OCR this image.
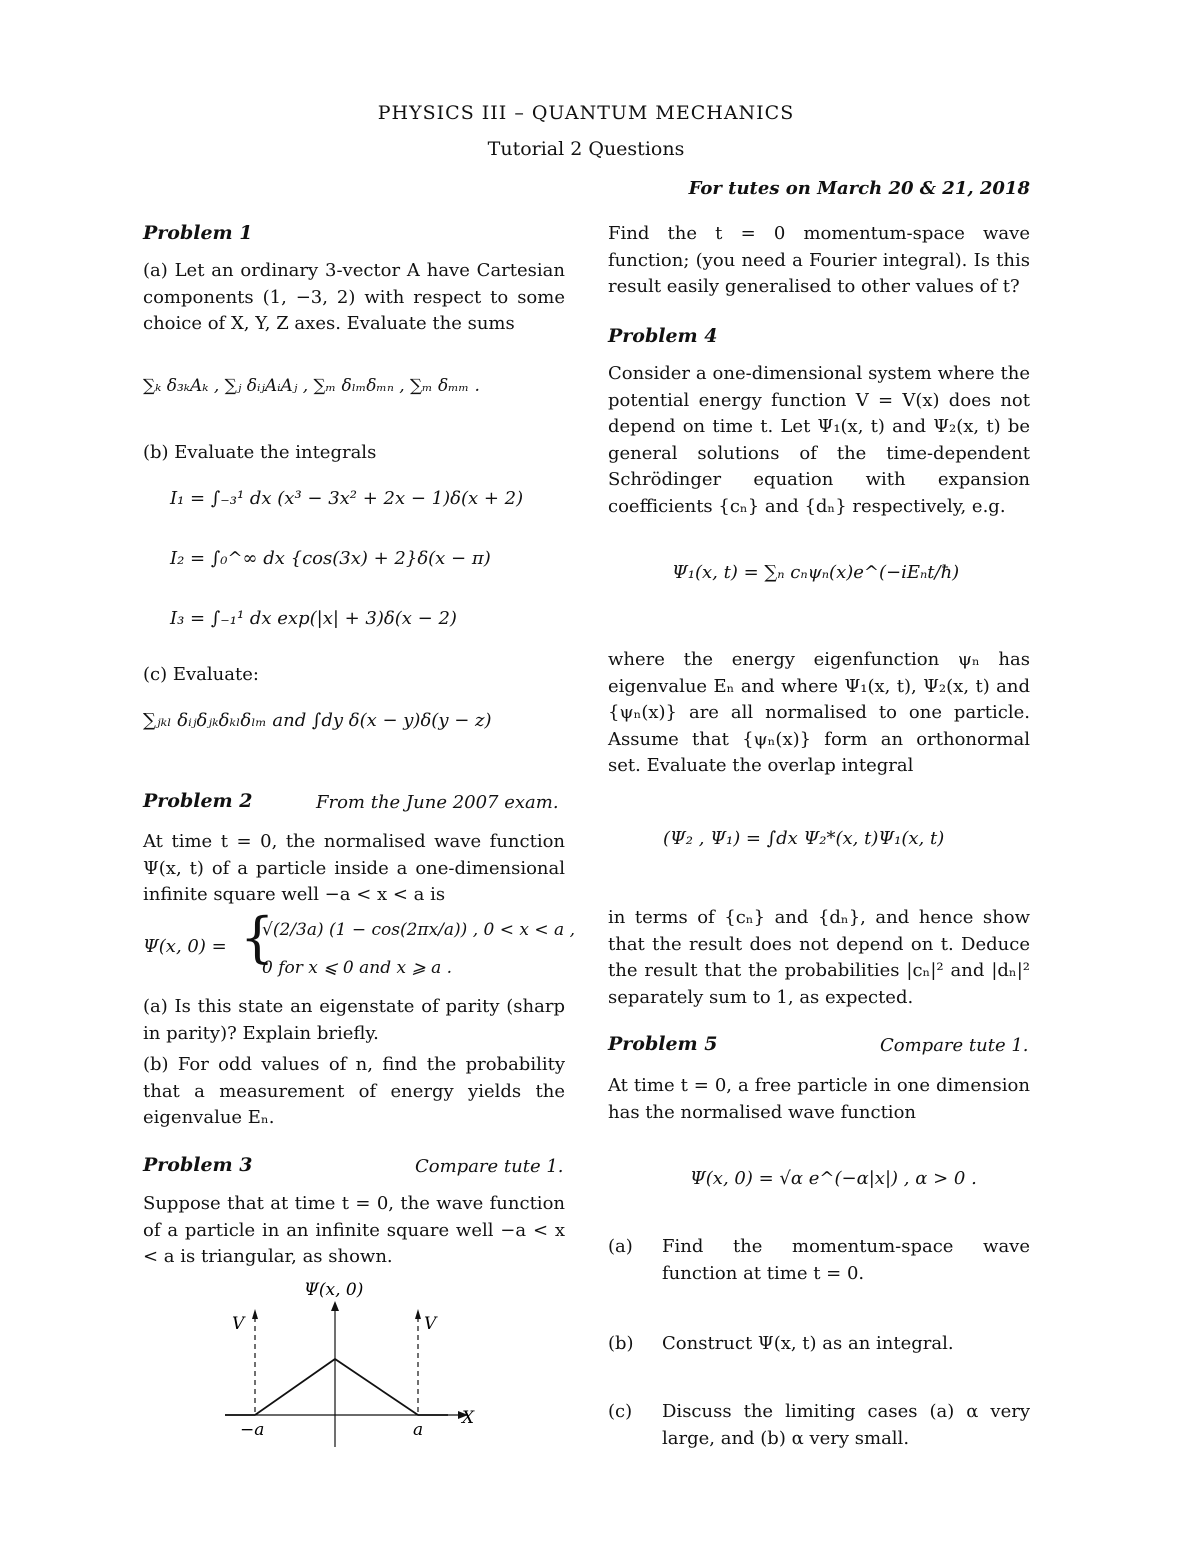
PHYSICS III – QUANTUM MECHANICS
Tutorial 2 Questions
For tutes on March 20 & 21, 2018
Problem 1

(a) Let an ordinary 3-vector A have Cartesian components (1, −3, 2) with respect to some choice of X, Y, Z axes. Evaluate the sums

∑ₖ δ₃ₖAₖ , ∑ⱼ δᵢⱼAᵢAⱼ , ∑ₘ δₗₘδₘₙ , ∑ₘ δₘₘ .

(b) Evaluate the integrals

I₁ = ∫₋₃¹ dx (x³ − 3x² + 2x − 1)δ(x + 2)
I₂ = ∫₀^∞ dx {cos(3x) + 2}δ(x − π)
I₃ = ∫₋₁¹ dx exp(|x| + 3)δ(x − 2)

(c) Evaluate:

∑ⱼₖₗ δᵢⱼδⱼₖδₖₗδₗₘ and ∫dy δ(x − y)δ(y − z)
Problem 2	From the June 2007 exam.

At time t = 0, the normalised wave function Ψ(x, t) of a particle inside a one-dimensional infinite square well −a < x < a is

Ψ(x, 0) = {
√(2/3a) (1 − cos(2πx/a)) , 0 < x < a ,
0 for x ⩽ 0 and x ⩾ a .

(a) Is this state an eigenstate of parity (sharp in parity)? Explain briefly.

(b) For odd values of n, find the probability that a measurement of energy yields the eigenvalue Eₙ.

Problem 3	Compare tute 1.

Suppose that at time t = 0, the wave function of a particle in an infinite square well −a < x < a is triangular, as shown.

Ψ(x, 0)
X
V	V
−a	a

Find the t = 0 momentum-space wave function; (you need a Fourier integral). Is this result easily generalised to other values of t?

Problem 4

Consider a one-dimensional system where the potential energy function V = V(x) does not depend on time t. Let Ψ₁(x, t) and Ψ₂(x, t) be general solutions of the time-dependent Schrödinger equation with expansion coefficients {cₙ} and {dₙ} respectively, e.g.

Ψ₁(x, t) = ∑ₙ cₙψₙ(x)e^(−iEₙt/ħ)

where the energy eigenfunction ψₙ has eigenvalue Eₙ and where Ψ₁(x, t), Ψ₂(x, t) and {ψₙ(x)} are all normalised to one particle. Assume that {ψₙ(x)} form an orthonormal set. Evaluate the overlap integral

(Ψ₂ , Ψ₁) = ∫dx Ψ₂*(x, t)Ψ₁(x, t)

in terms of {cₙ} and {dₙ}, and hence show that the result does not depend on t. Deduce the result that the probabilities |cₙ|² and |dₙ|² separately sum to 1, as expected.

Problem 5	Compare tute 1.

At time t = 0, a free particle in one dimension has the normalised wave function

Ψ(x, 0) = √α e^(−α|x|) , α > 0 .
(a) Find the momentum-space wave function at time t = 0.

(b) Construct Ψ(x, t) as an integral.

(c) Discuss the limiting cases (a) α very large, and (b) α very small.
